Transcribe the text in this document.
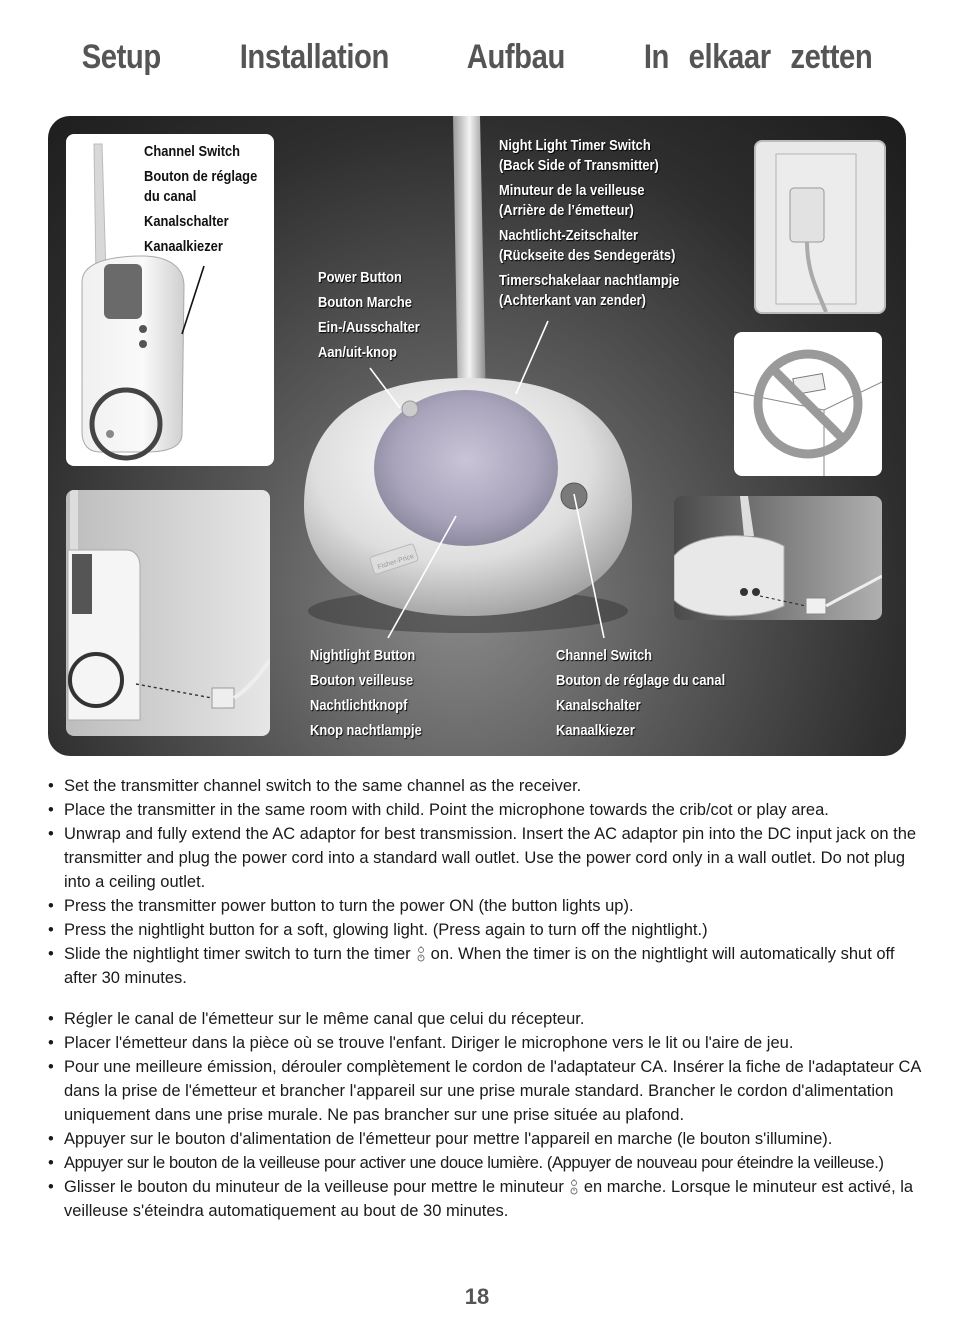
Setup    Installation    Aufbau    In elkaar zetten
Fisher-Price
Channel Switch
Bouton de réglage
du canal
Kanalschalter
Kanaalkiezer
Power Button
Bouton Marche
Ein-/Ausschalter
Aan/uit-knop
Night Light Timer Switch
(Back Side of Transmitter)
Minuteur de la veilleuse
(Arrière de l’émetteur)
Nachtlicht-Zeitschalter
(Rückseite des Sendegeräts)
Timerschakelaar nachtlampje
(Achterkant van zender)
Nightlight Button
Bouton veilleuse
Nachtlichtknopf
Knop nachtlampje
Channel Switch
Bouton de réglage du canal
Kanalschalter
Kanaalkiezer
• Set the transmitter channel switch to the same channel as the receiver.
• Place the transmitter in the same room with child. Point the microphone towards the crib/cot or play area.
• Unwrap and fully extend the AC adaptor for best transmission. Insert the AC adaptor pin into the DC input jack on the transmitter and plug the power cord into a standard wall outlet. Use the power cord only in a wall outlet. Do not plug into a ceiling outlet.
• Press the transmitter power button to turn the power ON (the button lights up).
• Press the nightlight button for a soft, glowing light. (Press again to turn off the nightlight.)
• Slide the nightlight timer switch to turn the timer on. When the timer is on the nightlight will automatically shut off after 30 minutes.
• Régler le canal de l'émetteur sur le même canal que celui du récepteur.
• Placer l'émetteur dans la pièce où se trouve l'enfant. Diriger le microphone vers le lit ou l'aire de jeu.
• Pour une meilleure émission, dérouler complètement le cordon de l'adaptateur CA. Insérer la fiche de l'adaptateur CA dans la prise de l'émetteur et brancher l'appareil sur une prise murale standard. Brancher le cordon d'alimentation uniquement dans une prise murale. Ne pas brancher sur une prise située au plafond.
• Appuyer sur le bouton d'alimentation de l'émetteur pour mettre l'appareil en marche (le bouton s'illumine).
• Appuyer sur le bouton de la veilleuse pour activer une douce lumière. (Appuyer de nouveau pour éteindre la veilleuse.)
• Glisser le bouton du minuteur de la veilleuse pour mettre le minuteur en marche. Lorsque le minuteur est activé, la veilleuse s'éteindra automatiquement au bout de 30 minutes.
18
